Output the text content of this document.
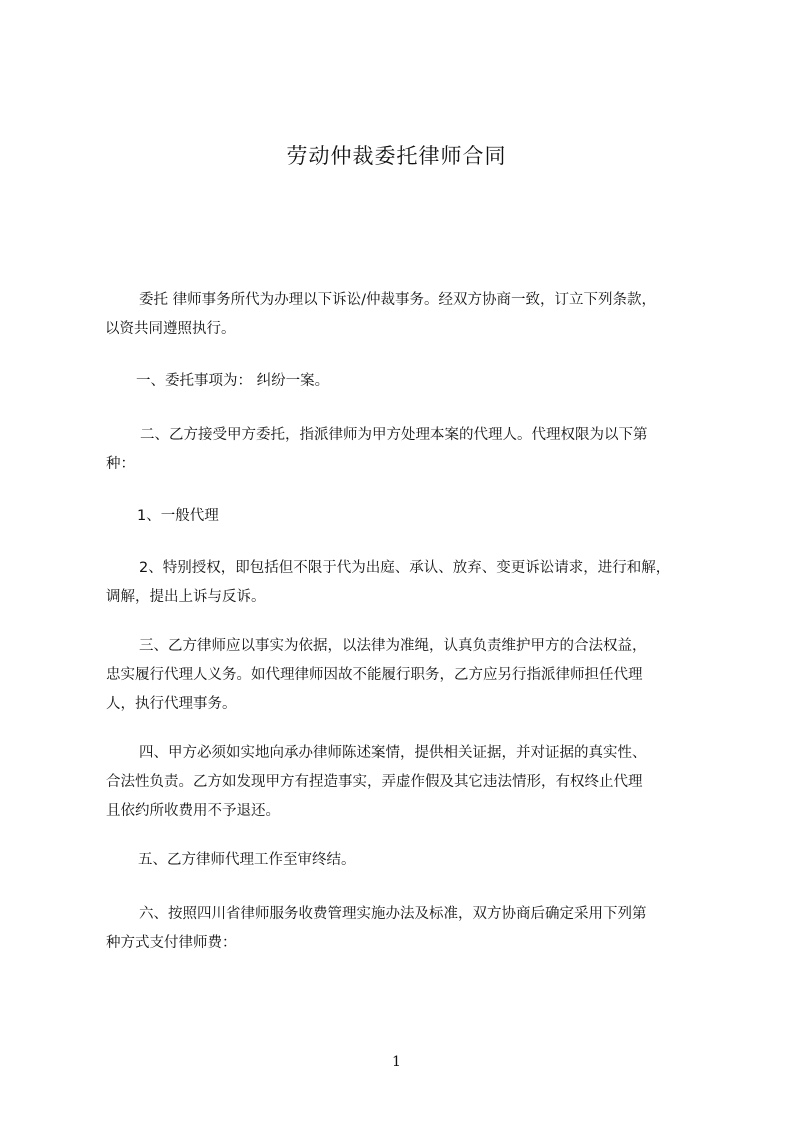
劳动仲裁委托律师合同

委托 律师事务所代为办理以下诉讼/仲裁事务。经双方协商一致，订立下列条款，
以资共同遵照执行。

一、委托事项为： 纠纷一案。

二、乙方接受甲方委托，指派律师为甲方处理本案的代理人。代理权限为以下第
种：

1、一般代理

2、特别授权，即包括但不限于代为出庭、承认、放弃、变更诉讼请求，进行和解，
调解，提出上诉与反诉。

三、乙方律师应以事实为依据，以法律为准绳，认真负责维护甲方的合法权益，
忠实履行代理人义务。如代理律师因故不能履行职务，乙方应另行指派律师担任代理
人，执行代理事务。

四、甲方必须如实地向承办律师陈述案情，提供相关证据，并对证据的真实性、
合法性负责。乙方如发现甲方有捏造事实，弄虚作假及其它违法情形，有权终止代理
且依约所收费用不予退还。

五、乙方律师代理工作至审终结。

六、按照四川省律师服务收费管理实施办法及标准，双方协商后确定采用下列第
种方式支付律师费：

1
